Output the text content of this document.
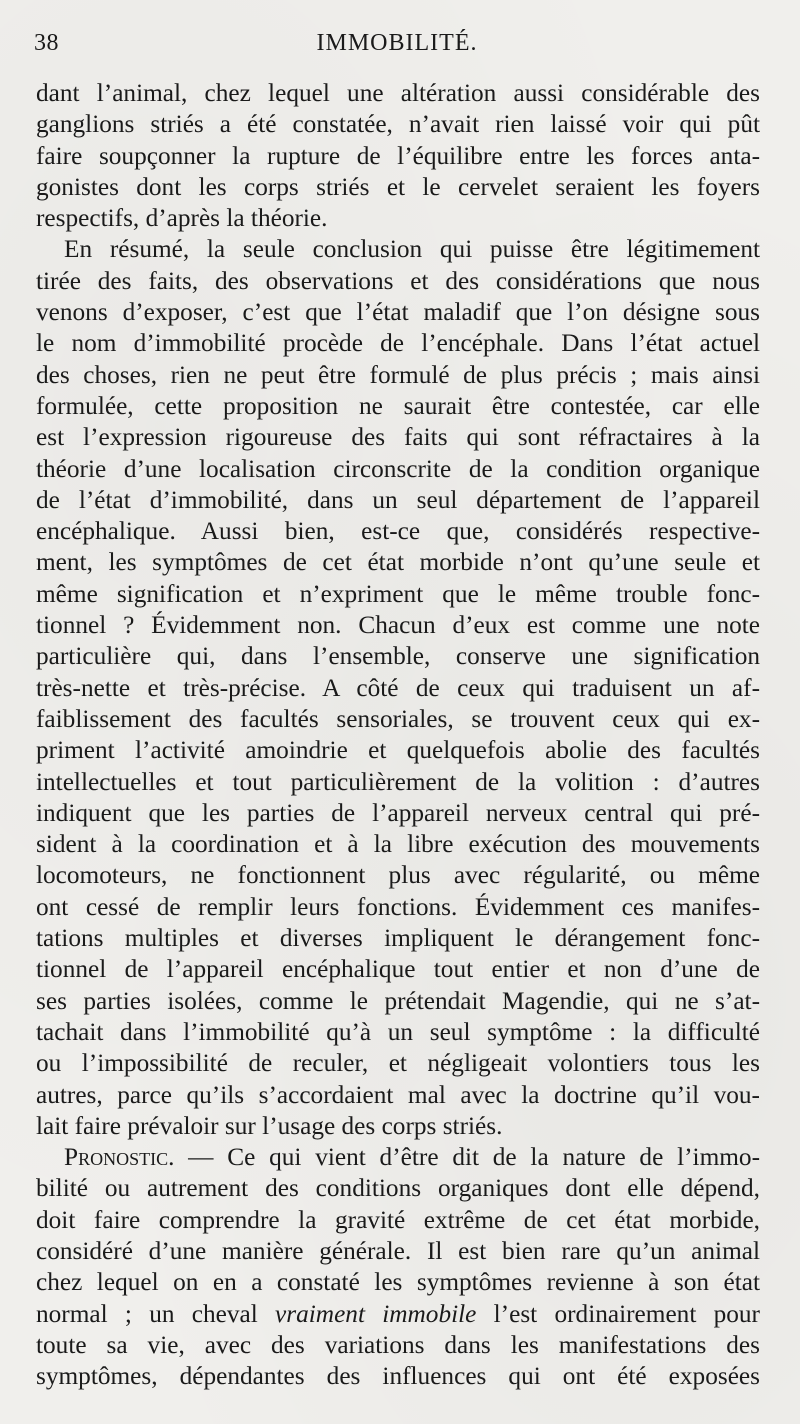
38	IMMOBILITÉ.
dant l’animal, chez lequel une altération aussi considérable des
ganglions striés a été constatée, n’avait rien laissé voir qui pût
faire soupçonner la rupture de l’équilibre entre les forces anta-
gonistes dont les corps striés et le cervelet seraient les foyers
respectifs, d’après la théorie.
En résumé, la seule conclusion qui puisse être légitimement
tirée des faits, des observations et des considérations que nous
venons d’exposer, c’est que l’état maladif que l’on désigne sous
le nom d’immobilité procède de l’encéphale. Dans l’état actuel
des choses, rien ne peut être formulé de plus précis ; mais ainsi
formulée, cette proposition ne saurait être contestée, car elle
est l’expression rigoureuse des faits qui sont réfractaires à la
théorie d’une localisation circonscrite de la condition organique
de l’état d’immobilité, dans un seul département de l’appareil
encéphalique. Aussi bien, est-ce que, considérés respective-
ment, les symptômes de cet état morbide n’ont qu’une seule et
même signification et n’expriment que le même trouble fonc-
tionnel ? Évidemment non. Chacun d’eux est comme une note
particulière qui, dans l’ensemble, conserve une signification
très-nette et très-précise. A côté de ceux qui traduisent un af-
faiblissement des facultés sensoriales, se trouvent ceux qui ex-
priment l’activité amoindrie et quelquefois abolie des facultés
intellectuelles et tout particulièrement de la volition : d’autres
indiquent que les parties de l’appareil nerveux central qui pré-
sident à la coordination et à la libre exécution des mouvements
locomoteurs, ne fonctionnent plus avec régularité, ou même
ont cessé de remplir leurs fonctions. Évidemment ces manifes-
tations multiples et diverses impliquent le dérangement fonc-
tionnel de l’appareil encéphalique tout entier et non d’une de
ses parties isolées, comme le prétendait Magendie, qui ne s’at-
tachait dans l’immobilité qu’à un seul symptôme : la difficulté
ou l’impossibilité de reculer, et négligeait volontiers tous les
autres, parce qu’ils s’accordaient mal avec la doctrine qu’il vou-
lait faire prévaloir sur l’usage des corps striés.
Pronostic. — Ce qui vient d’être dit de la nature de l’immo-
bilité ou autrement des conditions organiques dont elle dépend,
doit faire comprendre la gravité extrême de cet état morbide,
considéré d’une manière générale. Il est bien rare qu’un animal
chez lequel on en a constaté les symptômes revienne à son état
normal ; un cheval vraiment immobile l’est ordinairement pour
toute sa vie, avec des variations dans les manifestations des
symptômes, dépendantes des influences qui ont été exposées
